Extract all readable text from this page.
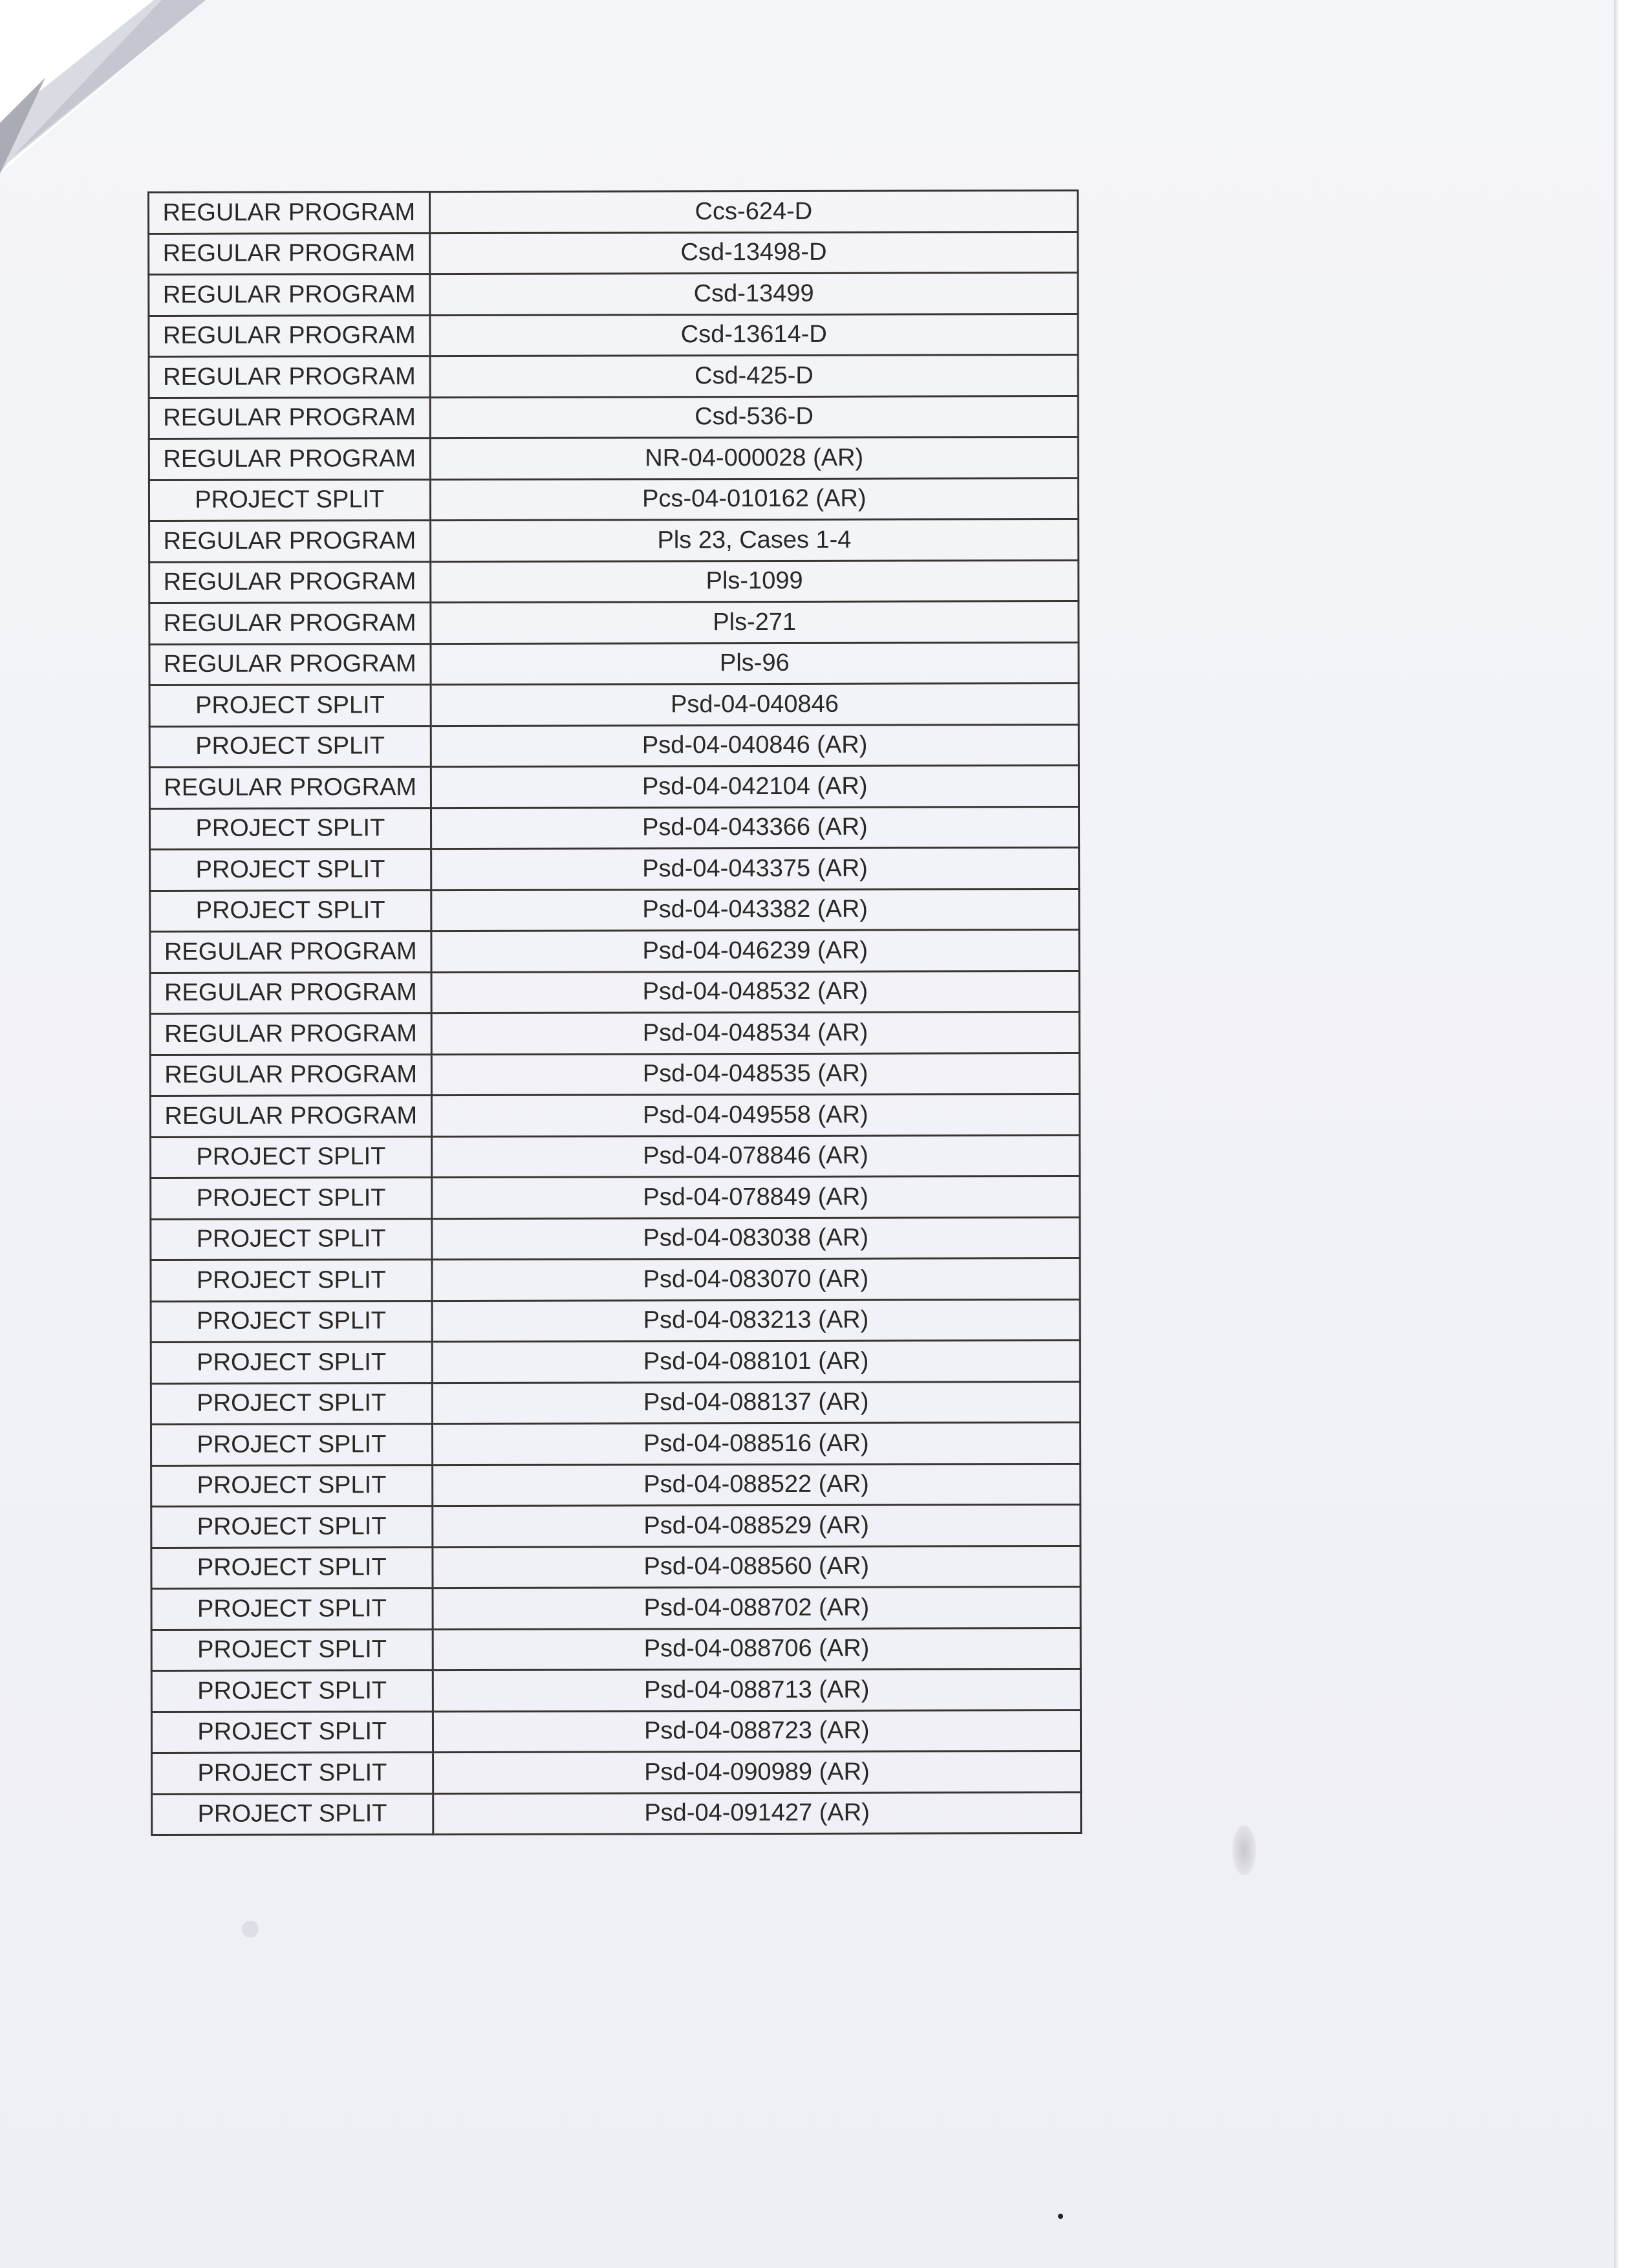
REGULAR PROGRAM	Ccs-624-D
REGULAR PROGRAM	Csd-13498-D
REGULAR PROGRAM	Csd-13499
REGULAR PROGRAM	Csd-13614-D
REGULAR PROGRAM	Csd-425-D
REGULAR PROGRAM	Csd-536-D
REGULAR PROGRAM	NR-04-000028 (AR)
PROJECT SPLIT	Pcs-04-010162 (AR)
REGULAR PROGRAM	Pls 23, Cases 1-4
REGULAR PROGRAM	Pls-1099
REGULAR PROGRAM	Pls-271
REGULAR PROGRAM	Pls-96
PROJECT SPLIT	Psd-04-040846
PROJECT SPLIT	Psd-04-040846 (AR)
REGULAR PROGRAM	Psd-04-042104 (AR)
PROJECT SPLIT	Psd-04-043366 (AR)
PROJECT SPLIT	Psd-04-043375 (AR)
PROJECT SPLIT	Psd-04-043382 (AR)
REGULAR PROGRAM	Psd-04-046239 (AR)
REGULAR PROGRAM	Psd-04-048532 (AR)
REGULAR PROGRAM	Psd-04-048534 (AR)
REGULAR PROGRAM	Psd-04-048535 (AR)
REGULAR PROGRAM	Psd-04-049558 (AR)
PROJECT SPLIT	Psd-04-078846 (AR)
PROJECT SPLIT	Psd-04-078849 (AR)
PROJECT SPLIT	Psd-04-083038 (AR)
PROJECT SPLIT	Psd-04-083070 (AR)
PROJECT SPLIT	Psd-04-083213 (AR)
PROJECT SPLIT	Psd-04-088101 (AR)
PROJECT SPLIT	Psd-04-088137 (AR)
PROJECT SPLIT	Psd-04-088516 (AR)
PROJECT SPLIT	Psd-04-088522 (AR)
PROJECT SPLIT	Psd-04-088529 (AR)
PROJECT SPLIT	Psd-04-088560 (AR)
PROJECT SPLIT	Psd-04-088702 (AR)
PROJECT SPLIT	Psd-04-088706 (AR)
PROJECT SPLIT	Psd-04-088713 (AR)
PROJECT SPLIT	Psd-04-088723 (AR)
PROJECT SPLIT	Psd-04-090989 (AR)
PROJECT SPLIT	Psd-04-091427 (AR)
